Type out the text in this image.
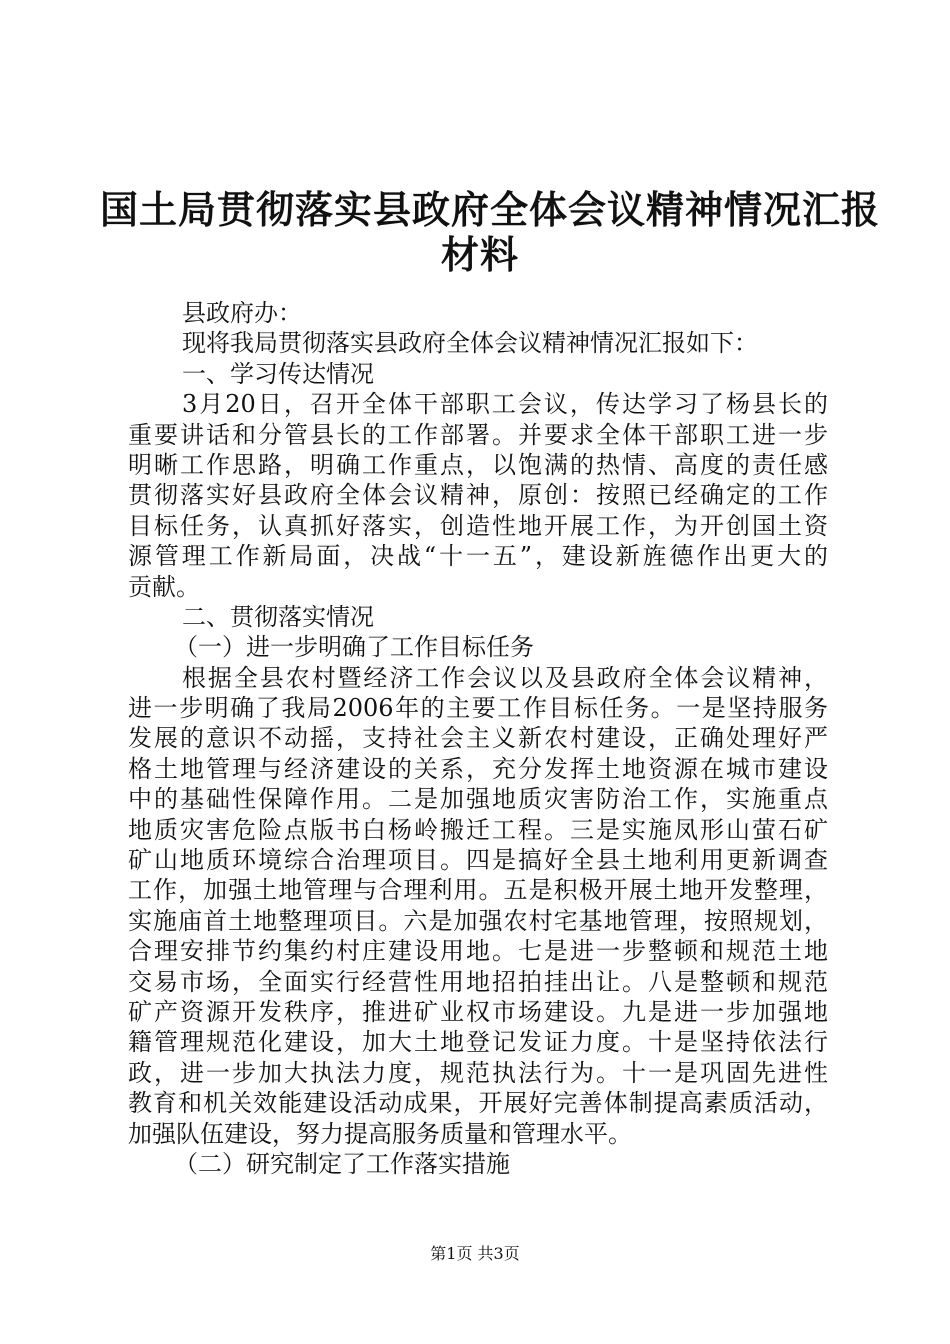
国土局贯彻落实县政府全体会议精神情况汇报
材料
县政府办：
现将我局贯彻落实县政府全体会议精神情况汇报如下：
一、学习传达情况
3月20日，召开全体干部职工会议，传达学习了杨县长的
重要讲话和分管县长的工作部署。并要求全体干部职工进一步
明晰工作思路，明确工作重点，以饱满的热情、高度的责任感
贯彻落实好县政府全体会议精神，原创：按照已经确定的工作
目标任务，认真抓好落实，创造性地开展工作，为开创国土资
源管理工作新局面，决战“十一五”，建设新旌德作出更大的
贡献。
二、贯彻落实情况
（一）进一步明确了工作目标任务
根据全县农村暨经济工作会议以及县政府全体会议精神，
进一步明确了我局2006年的主要工作目标任务。一是坚持服务
发展的意识不动摇，支持社会主义新农村建设，正确处理好严
格土地管理与经济建设的关系，充分发挥土地资源在城市建设
中的基础性保障作用。二是加强地质灾害防治工作，实施重点
地质灾害危险点版书白杨岭搬迁工程。三是实施凤形山萤石矿
矿山地质环境综合治理项目。四是搞好全县土地利用更新调查
工作，加强土地管理与合理利用。五是积极开展土地开发整理，
实施庙首土地整理项目。六是加强农村宅基地管理，按照规划，
合理安排节约集约村庄建设用地。七是进一步整顿和规范土地
交易市场，全面实行经营性用地招拍挂出让。八是整顿和规范
矿产资源开发秩序，推进矿业权市场建设。九是进一步加强地
籍管理规范化建设，加大土地登记发证力度。十是坚持依法行
政，进一步加大执法力度，规范执法行为。十一是巩固先进性
教育和机关效能建设活动成果，开展好完善体制提高素质活动，
加强队伍建设，努力提高服务质量和管理水平。
（二）研究制定了工作落实措施
第1页 共3页
